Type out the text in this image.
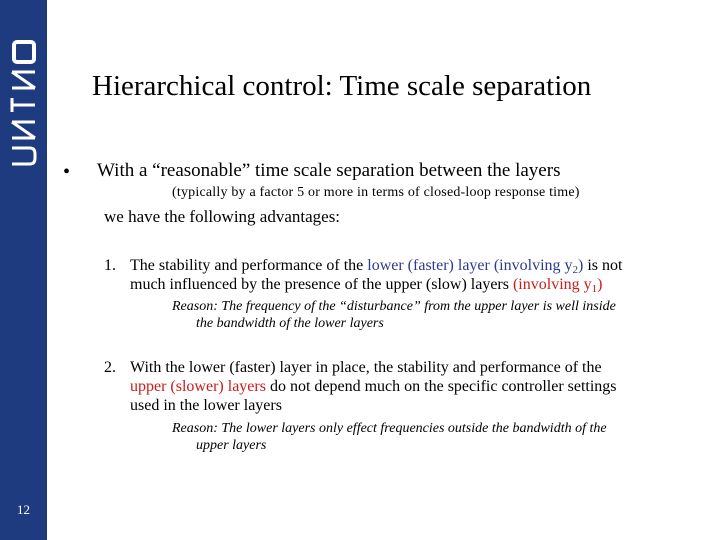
12
Hierarchical control: Time scale separation
• With a “reasonable” time scale separation between the layers
(typically by a factor 5 or more in terms of closed-loop response time)
we have the following advantages:
1. The stability and performance of the lower (faster) layer (involving $y_2$) is not
much influenced by the presence of the upper (slow) layers (involving $y_1$)
Reason: The frequency of the “disturbance” from the upper layer is well inside
the bandwidth of the lower layers
2. With the lower (faster) layer in place, the stability and performance of the
upper (slower) layers do not depend much on the specific controller settings
used in the lower layers
Reason: The lower layers only effect frequencies outside the bandwidth of the
upper layers
